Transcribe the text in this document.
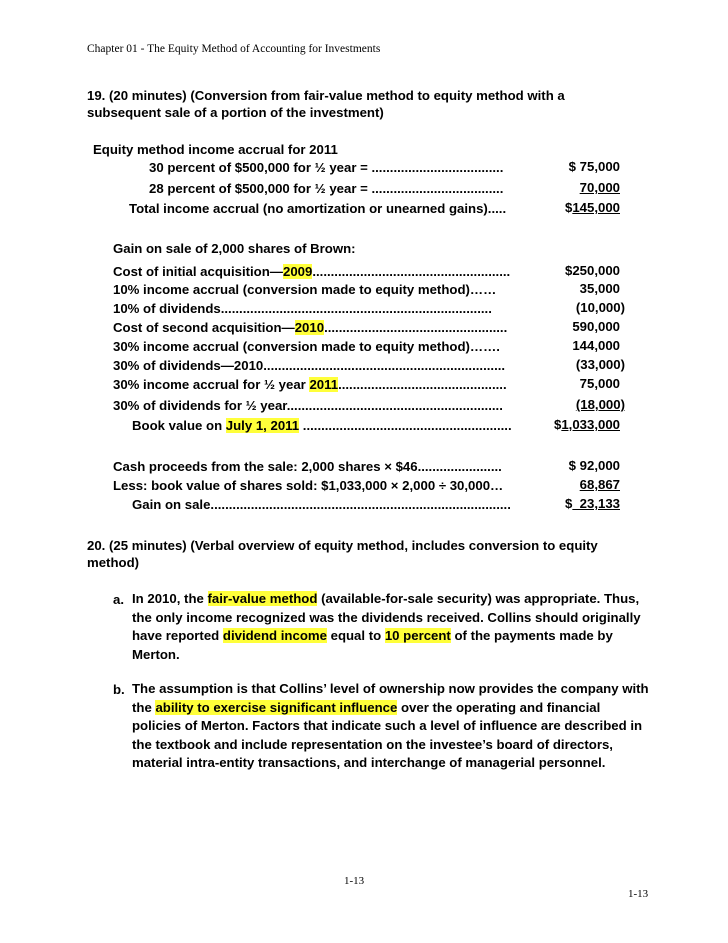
Chapter 01 - The Equity Method of Accounting for Investments
19. (20 minutes) (Conversion from fair-value method to equity method with a
subsequent sale of a portion of the investment)
Equity method income accrual for 2011
30 percent of $500,000 for ½ year = ....................................	$ 75,000
28 percent of $500,000 for ½ year = ....................................	70,000
Total income accrual (no amortization or unearned gains).....	$145,000
Gain on sale of 2,000 shares of Brown:
Cost of initial acquisition—2009......................................................	$250,000
10% income accrual (conversion made to equity method)……	35,000
10% of dividends..........................................................................	(10,000)
Cost of second acquisition—2010..................................................	590,000
30% income accrual (conversion made to equity method)…….	144,000
30% of dividends—2010..................................................................	(33,000)
30% income accrual for ½ year 2011..............................................	75,000
30% of dividends for ½ year...........................................................	(18,000)
Book value on July 1, 2011 .........................................................	$1,033,000
Cash proceeds from the sale: 2,000 shares × $46.......................	$ 92,000
Less: book value of shares sold: $1,033,000 × 2,000 ÷ 30,000…	68,867
Gain on sale..................................................................................	$  23,133
20. (25 minutes) (Verbal overview of equity method, includes conversion to equity
method)
a. In 2010, the fair-value method (available-for-sale security) was appropriate. Thus, the only income recognized was the dividends received. Collins should originally have reported dividend income equal to 10 percent of the payments made by Merton.
b. The assumption is that Collins’ level of ownership now provides the company with the ability to exercise significant influence over the operating and financial policies of Merton. Factors that indicate such a level of influence are described in the textbook and include representation on the investee’s board of directors, material intra-entity transactions, and interchange of managerial personnel.
1-13
1-13
